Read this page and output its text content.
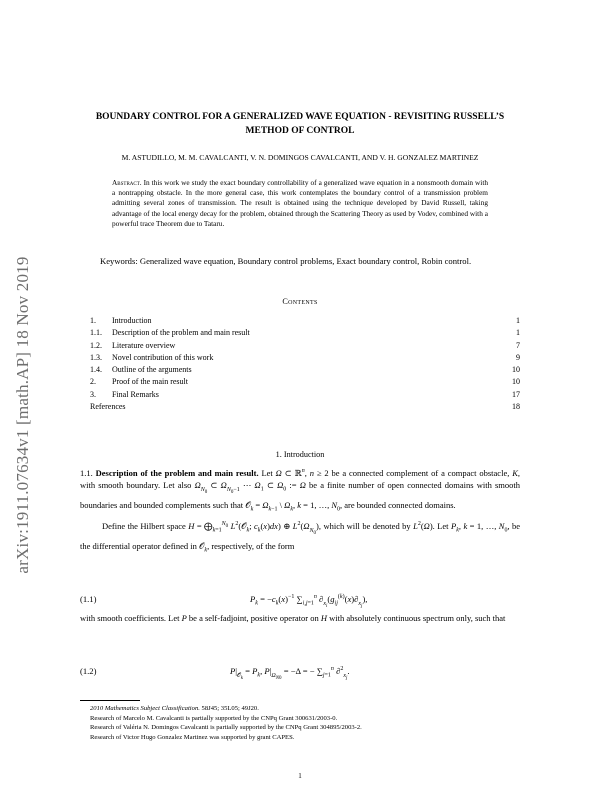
arXiv:1911.07634v1 [math.AP] 18 Nov 2019
BOUNDARY CONTROL FOR A GENERALIZED WAVE EQUATION - REVISITING RUSSELL’S METHOD OF CONTROL
M. ASTUDILLO, M. M. CAVALCANTI, V. N. DOMINGOS CAVALCANTI, AND V. H. GONZALEZ MARTINEZ
Abstract. In this work we study the exact boundary controllability of a generalized wave equation in a nonsmooth domain with a nontrapping obstacle. In the more general case, this work contemplates the boundary control of a transmission problem admitting several zones of transmission. The result is obtained using the technique developed by David Russell, taking advantage of the local energy decay for the problem, obtained through the Scattering Theory as used by Vodev, combined with a powerful trace Theorem due to Tataru.
Keywords: Generalized wave equation, Boundary control problems, Exact boundary control, Robin control.
Contents
1. Introduction	1
1.1. Description of the problem and main result	1
1.2. Literature overview	7
1.3. Novel contribution of this work	9
1.4. Outline of the arguments	10
2. Proof of the main result	10
3. Final Remarks	17
References	18
1. Introduction
1.1. Description of the problem and main result. Let Ω ⊂ ℝ$^n$, n ≥ 2 be a connected complement of a compact obstacle, K, with smooth boundary. Let also $\Omega_{N_0}$ ⊂ $\Omega_{N_0-1}$ ⋯ $\Omega_1$ ⊂ $\Omega_0$ := Ω be a finite number of open connected domains with smooth boundaries and bounded complements such that 𝒪$_k$ = $\Omega_{k-1}$ \ $\Omega_k$, k = 1, …, $N_0$, are bounded connected domains.
Define the Hilbert space $H = ⨁_{k=1}^{N_0}$ $L^2(𝒪_k$; $c_k(x)dx$) ⊕ $L^2(\Omega_{N_0})$, which will be denoted by $L^2(\Omega)$. Let $P_k$, k = 1, …, $N_0$, be the differential operator defined in 𝒪$_k$, respectively, of the form
(1.1)	$P_k = -c_k(x)^{-1}$ $\sum_{i,j=1}^n$ $\partial_{x_i}(g_{ij}^{(k)}(x)\partial_{x_j})$,
with smooth coefficients. Let P be a self-fadjoint, positive operator on H with absolutely continuous spectrum only, such that
(1.2)	$P|_{𝒪_k} = P_k$, $P|_{\Omega_{N0}} = -\Delta$ = − $\sum_{j=1}^n$ ∂$^2_{x_j}$.
2010 Mathematics Subject Classification. 58J45; 35L05; 49J20.
Research of Marcelo M. Cavalcanti is partially supported by the CNPq Grant 300631/2003-0.
Research of Valéria N. Domingos Cavalcanti is partially supported by the CNPq Grant 304895/2003-2.
Research of Victor Hugo Gonzalez Martinez was supported by grant CAPES.
1
